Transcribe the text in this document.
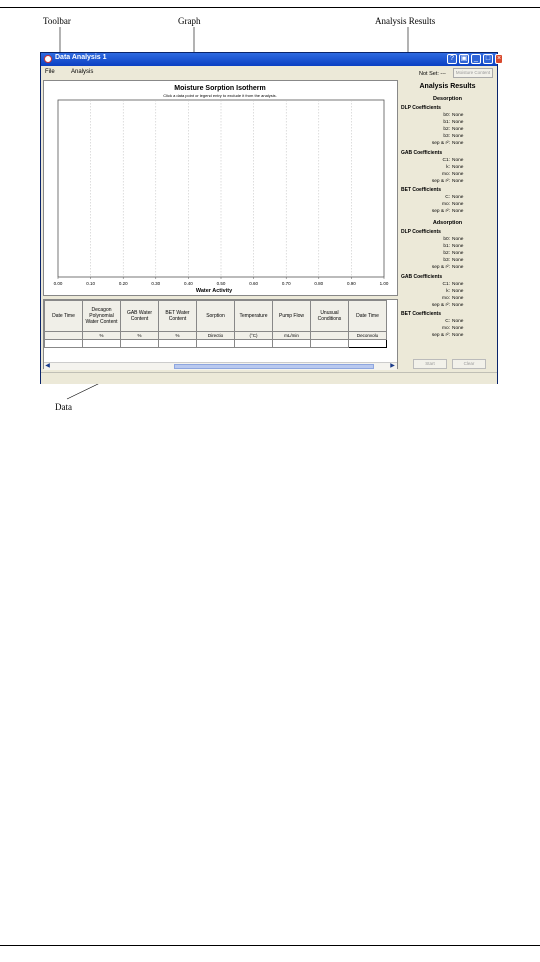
Toolbar	Graph	Analysis Results
Data
Data Analysis 1	? ▣ _	□ ×
File	Analysis	Not Set: ---	Moisture Content
Moisture Sorption Isotherm
Click a data point or legend entry to exclude it from the analysis.
0.00	0.10	0.20	0.30	0.40	0.50	0.60	0.70	0.80	0.90	1.00
Water Activity
Date Time	Decagon Polynomial Water Content	GAB Water Content	BET Water Content	Sorption	Temperature	Pump Flow	Unusual Conditions	Date Time
	%	%	%	Directio	(°C)	mL/min		Deconvolu

◀	▶
Analysis Results
Desorption
DLP Coefficients
b0: None
b1: None
b2: None
b3: None
sep & r²: None
GAB Coefficients
C1: None
k: None
mo: None
sep & r²: None
BET Coefficients
C: None
mo: None
sep & r²: None
Adsorption
DLP Coefficients
b0: None
b1: None
b2: None
b3: None
sep & r²: None
GAB Coefficients
C1: None
k: None
mo: None
sep & r²: None
BET Coefficients
C: None
mo: None
sep & r²: None
Start	Clear
